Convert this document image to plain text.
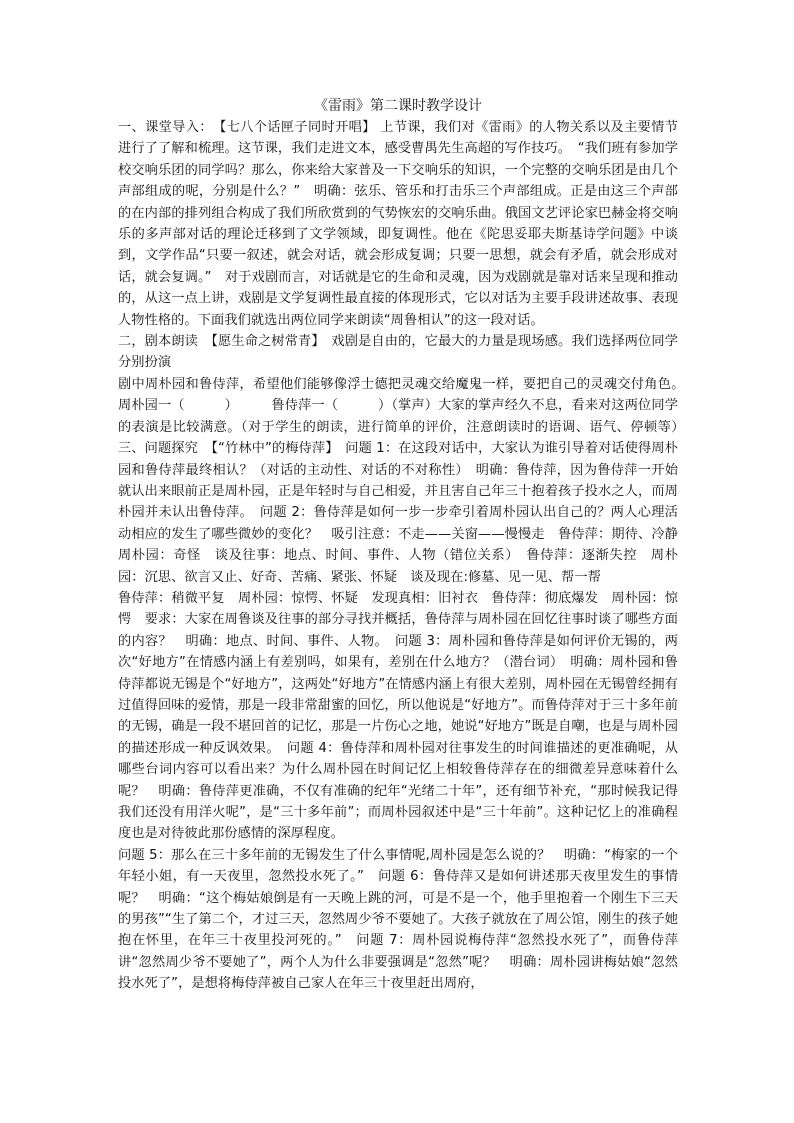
《雷雨》第二课时教学设计

一、课堂导入：　【七八个话匣子同时开唱】 上节课，我们对《雷雨》的人物关系以及主要情节进行了了解和梳理。这节课，我们走进文本，感受曹禺先生高超的写作技巧。　“我们班有参加学校交响乐团的同学吗？那么，你来给大家普及一下交响乐的知识，一个完整的交响乐团是由几个声部组成的呢，分别是什么？”　明确：弦乐、管乐和打击乐三个声部组成。正是由这三个声部的在内部的排列组合构成了我们所欣赏到的气势恢宏的交响乐曲。俄国文艺评论家巴赫金将交响乐的多声部对话的理论迁移到了文学领域，即复调性。他在《陀思妥耶夫斯基诗学问题》中谈到，文学作品“只要一叙述，就会对话，就会形成复调；只要一思想，就会有矛盾，就会形成对话，就会复调。”　对于戏剧而言，对话就是它的生命和灵魂，因为戏剧就是靠对话来呈现和推动的，从这一点上讲，戏剧是文学复调性最直接的体现形式，它以对话为主要手段讲述故事、表现人物性格的。下面我们就选出两位同学来朗读“周鲁相认”的这一段对话。

二，剧本朗读　【愿生命之树常青】　戏剧是自由的，它最大的力量是现场感。我们选择两位同学分别扮演

剧中周朴园和鲁侍萍，希望他们能够像浮士德把灵魂交给魔鬼一样，要把自己的灵魂交付角色。　周朴园一（　　　）　　　鲁侍萍一（　　　）（掌声）大家的掌声经久不息，看来对这两位同学的表演是比较满意。（对于学生的朗读，进行简单的评价，注意朗读时的语调、语气、停顿等）　三、问题探究　【“竹林中”的梅侍萍】　问题 1：在这段对话中，大家认为谁引导着对话使得周朴园和鲁侍萍最终相认？（对话的主动性、对话的不对称性）　明确：鲁侍萍，因为鲁侍萍一开始就认出来眼前正是周朴园，正是年轻时与自己相爱，并且害自己年三十抱着孩子投水之人，而周朴园并未认出鲁侍萍。　问题 2：鲁侍萍是如何一步一步牵引着周朴园认出自己的？两人心理活动相应的发生了哪些微妙的变化？　吸引注意：不走——关窗——慢慢走　鲁侍萍：期待、冷静　周朴园：奇怪　谈及往事：地点、时间、事件、人物（错位关系）　鲁侍萍：逐渐失控　周朴园：沉思、欲言又止、好奇、苦痛、紧张、怀疑　谈及现在:修墓、见一见、帮一帮

鲁侍萍：稍微平复　周朴园：惊愕、怀疑　发现真相：旧衬衣　鲁侍萍：彻底爆发　周朴园：惊愕　要求：大家在周鲁谈及往事的部分寻找并概括，鲁侍萍与周朴园在回忆往事时谈了哪些方面的内容？　明确：地点、时间、事件、人物。　问题 3：周朴园和鲁侍萍是如何评价无锡的，两次“好地方”在情感内涵上有差别吗，如果有，差别在什么地方？（潜台词）　明确：周朴园和鲁侍萍都说无锡是个“好地方”，这两处“好地方”在情感内涵上有很大差别，周朴园在无锡曾经拥有过值得回味的爱情，那是一段非常甜蜜的回忆，所以他说是“好地方”。而鲁侍萍对于三十多年前的无锡，确是一段不堪回首的记忆，那是一片伤心之地，她说“好地方”既是自嘲，也是与周朴园的描述形成一种反讽效果。　问题 4：鲁侍萍和周朴园对往事发生的时间谁描述的更准确呢，从哪些台词内容可以看出来？为什么周朴园在时间记忆上相较鲁侍萍存在的细微差异意味着什么呢？　明确：鲁侍萍更准确，不仅有准确的纪年“光绪二十年”，还有细节补充，“那时候我记得我们还没有用洋火呢”，是“三十多年前”；而周朴园叙述中是“三十年前”。这种记忆上的准确程度也是对待彼此那份感情的深厚程度。

问题 5：那么在三十多年前的无锡发生了什么事情呢,周朴园是怎么说的？　明确：“梅家的一个年轻小姐，有一天夜里，忽然投水死了。”　问题 6：鲁侍萍又是如何讲述那天夜里发生的事情呢？　明确：“这个梅姑娘倒是有一天晚上跳的河，可是不是一个，他手里抱着一个刚生下三天的男孩”“生了第二个，才过三天，忽然周少爷不要她了。大孩子就放在了周公馆，刚生的孩子她抱在怀里，在年三十夜里投河死的。”　问题 7：周朴园说梅侍萍“忽然投水死了”，而鲁侍萍讲“忽然周少爷不要她了”，两个人为什么非要强调是“忽然”呢？　明确：周朴园讲梅姑娘“忽然投水死了”，是想将梅侍萍被自己家人在年三十夜里赶出周府，
